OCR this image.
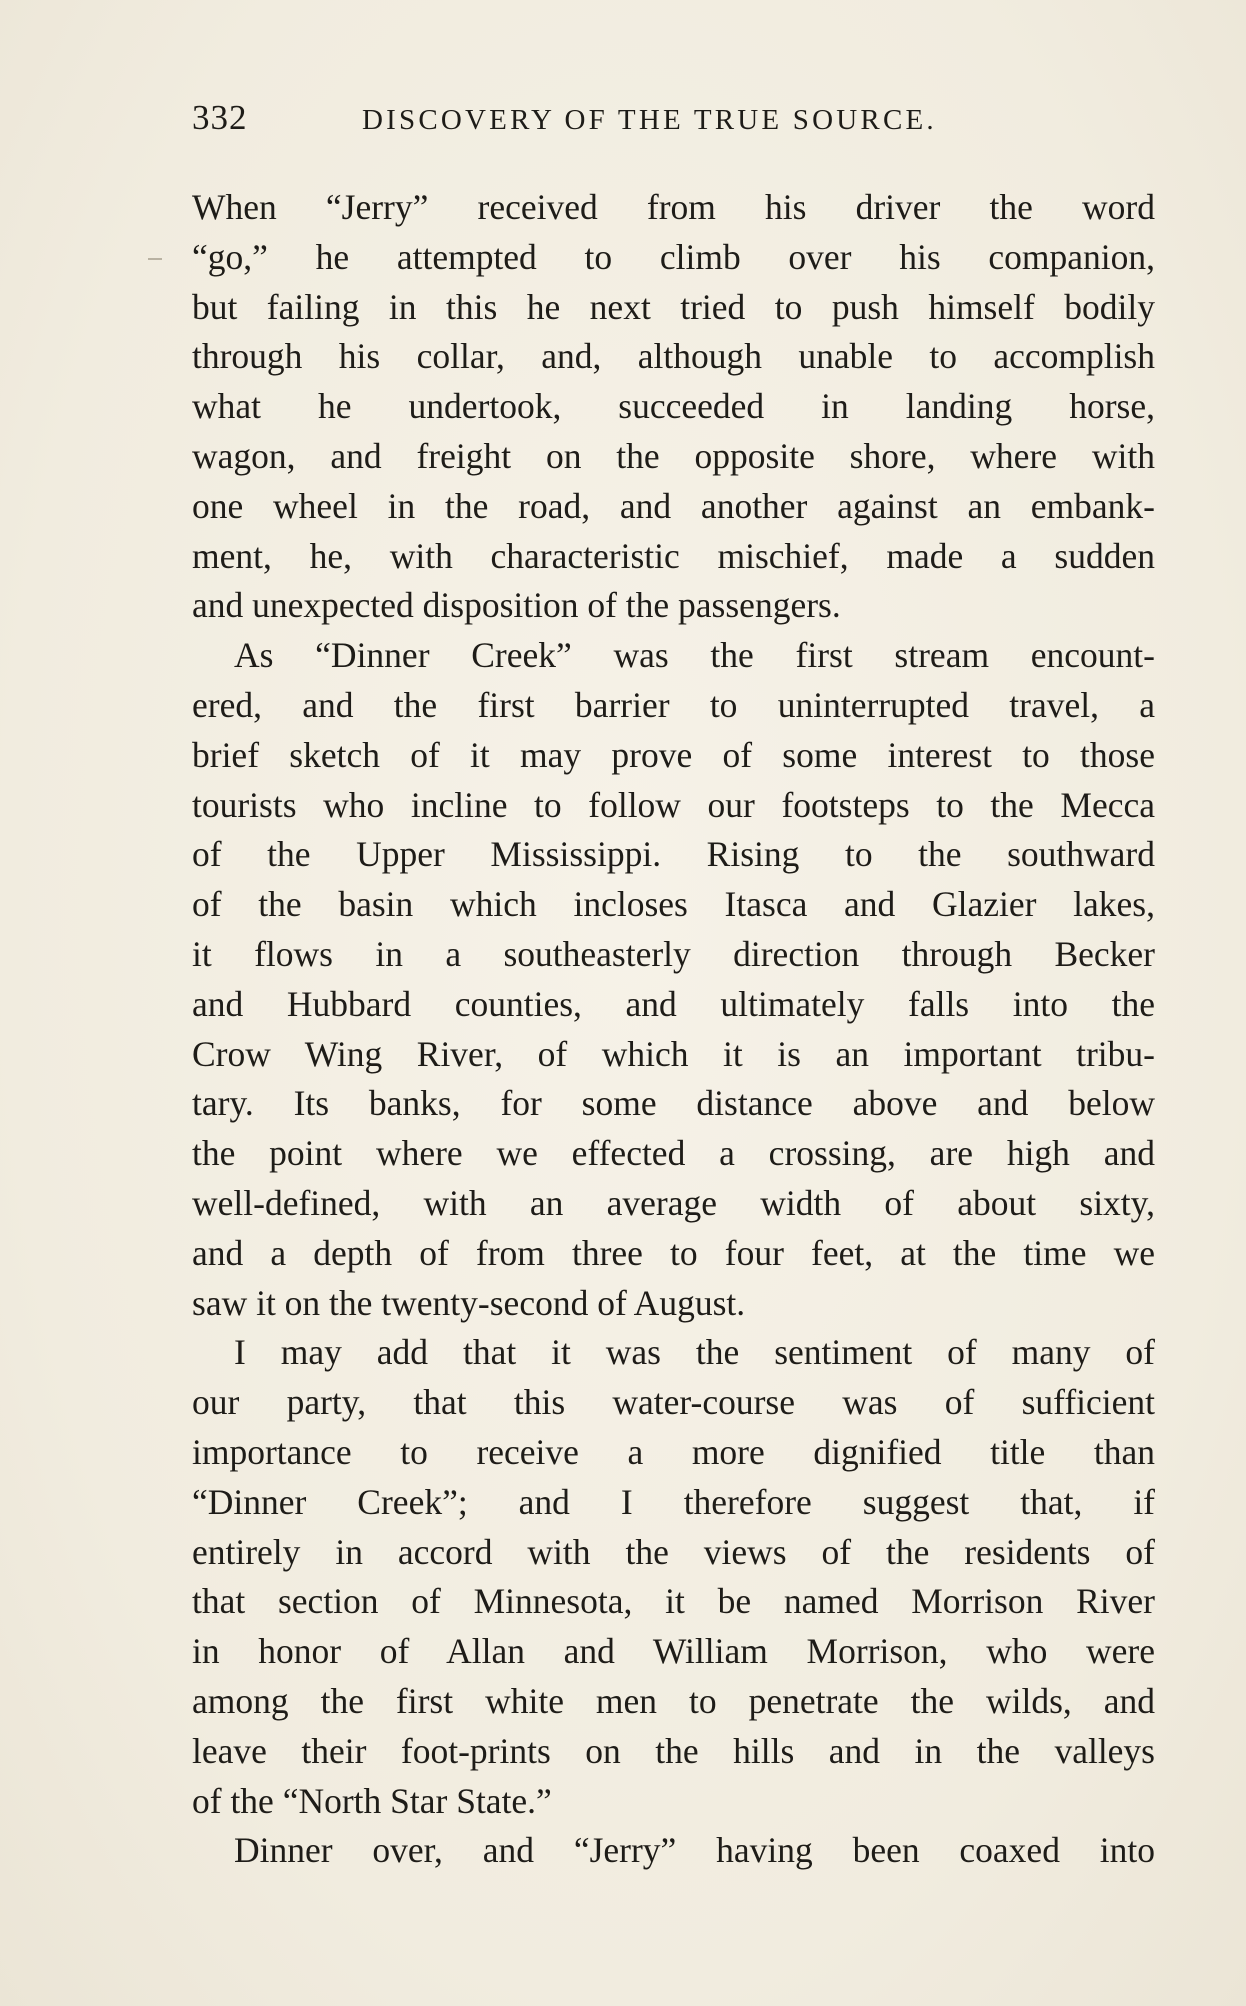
332	DISCOVERY OF THE TRUE SOURCE.
When “Jerry” received from his driver the word
“go,” he attempted to climb over his companion,
but failing in this he next tried to push himself bodily
through his collar, and, although unable to accomplish
what he undertook, succeeded in landing horse,
wagon, and freight on the opposite shore, where with
one wheel in the road, and another against an embank-
ment, he, with characteristic mischief, made a sudden
and unexpected disposition of the passengers.
As “Dinner Creek” was the first stream encount-
ered, and the first barrier to uninterrupted travel, a
brief sketch of it may prove of some interest to those
tourists who incline to follow our footsteps to the Mecca
of the Upper Mississippi. Rising to the southward
of the basin which incloses Itasca and Glazier lakes,
it flows in a southeasterly direction through Becker
and Hubbard counties, and ultimately falls into the
Crow Wing River, of which it is an important tribu-
tary. Its banks, for some distance above and below
the point where we effected a crossing, are high and
well-defined, with an average width of about sixty,
and a depth of from three to four feet, at the time we
saw it on the twenty-second of August.
I may add that it was the sentiment of many of
our party, that this water-course was of sufficient
importance to receive a more dignified title than
“Dinner Creek”; and I therefore suggest that, if
entirely in accord with the views of the residents of
that section of Minnesota, it be named Morrison River
in honor of Allan and William Morrison, who were
among the first white men to penetrate the wilds, and
leave their foot-prints on the hills and in the valleys
of the “North Star State.”
Dinner over, and “Jerry” having been coaxed into
